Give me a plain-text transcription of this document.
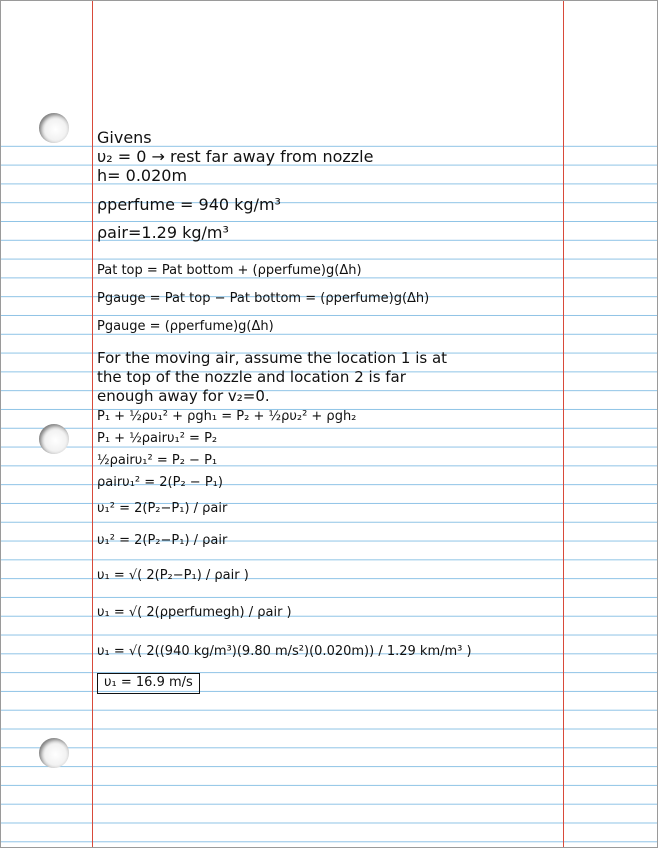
Givens
υ₂ = 0 → rest far away from nozzle
h= 0.020m
ρperfume = 940 kg/m³
ρair=1.29 kg/m³
Pat top = Pat bottom + (ρperfume)g(Δh)
Pgauge = Pat top − Pat bottom = (ρperfume)g(Δh)
Pgauge = (ρperfume)g(Δh)
For the moving air, assume the location 1 is at
the top of the nozzle and location 2 is far
enough away for v₂=0.
P₁ + ½ρυ₁² + ρgh₁ = P₂ + ½ρυ₂² + ρgh₂
P₁ + ½ρairυ₁² = P₂
½ρairυ₁² = P₂ − P₁
ρairυ₁² = 2(P₂ − P₁)
υ₁² = 2(P₂−P₁) / ρair
υ₁² = 2(P₂−P₁) / ρair
υ₁ = √( 2(P₂−P₁) / ρair )
υ₁ = √( 2(ρperfumegh) / ρair )
υ₁ = √( 2((940 kg/m³)(9.80 m/s²)(0.020m)) / 1.29 km/m³ )
υ₁ = 16.9 m/s
